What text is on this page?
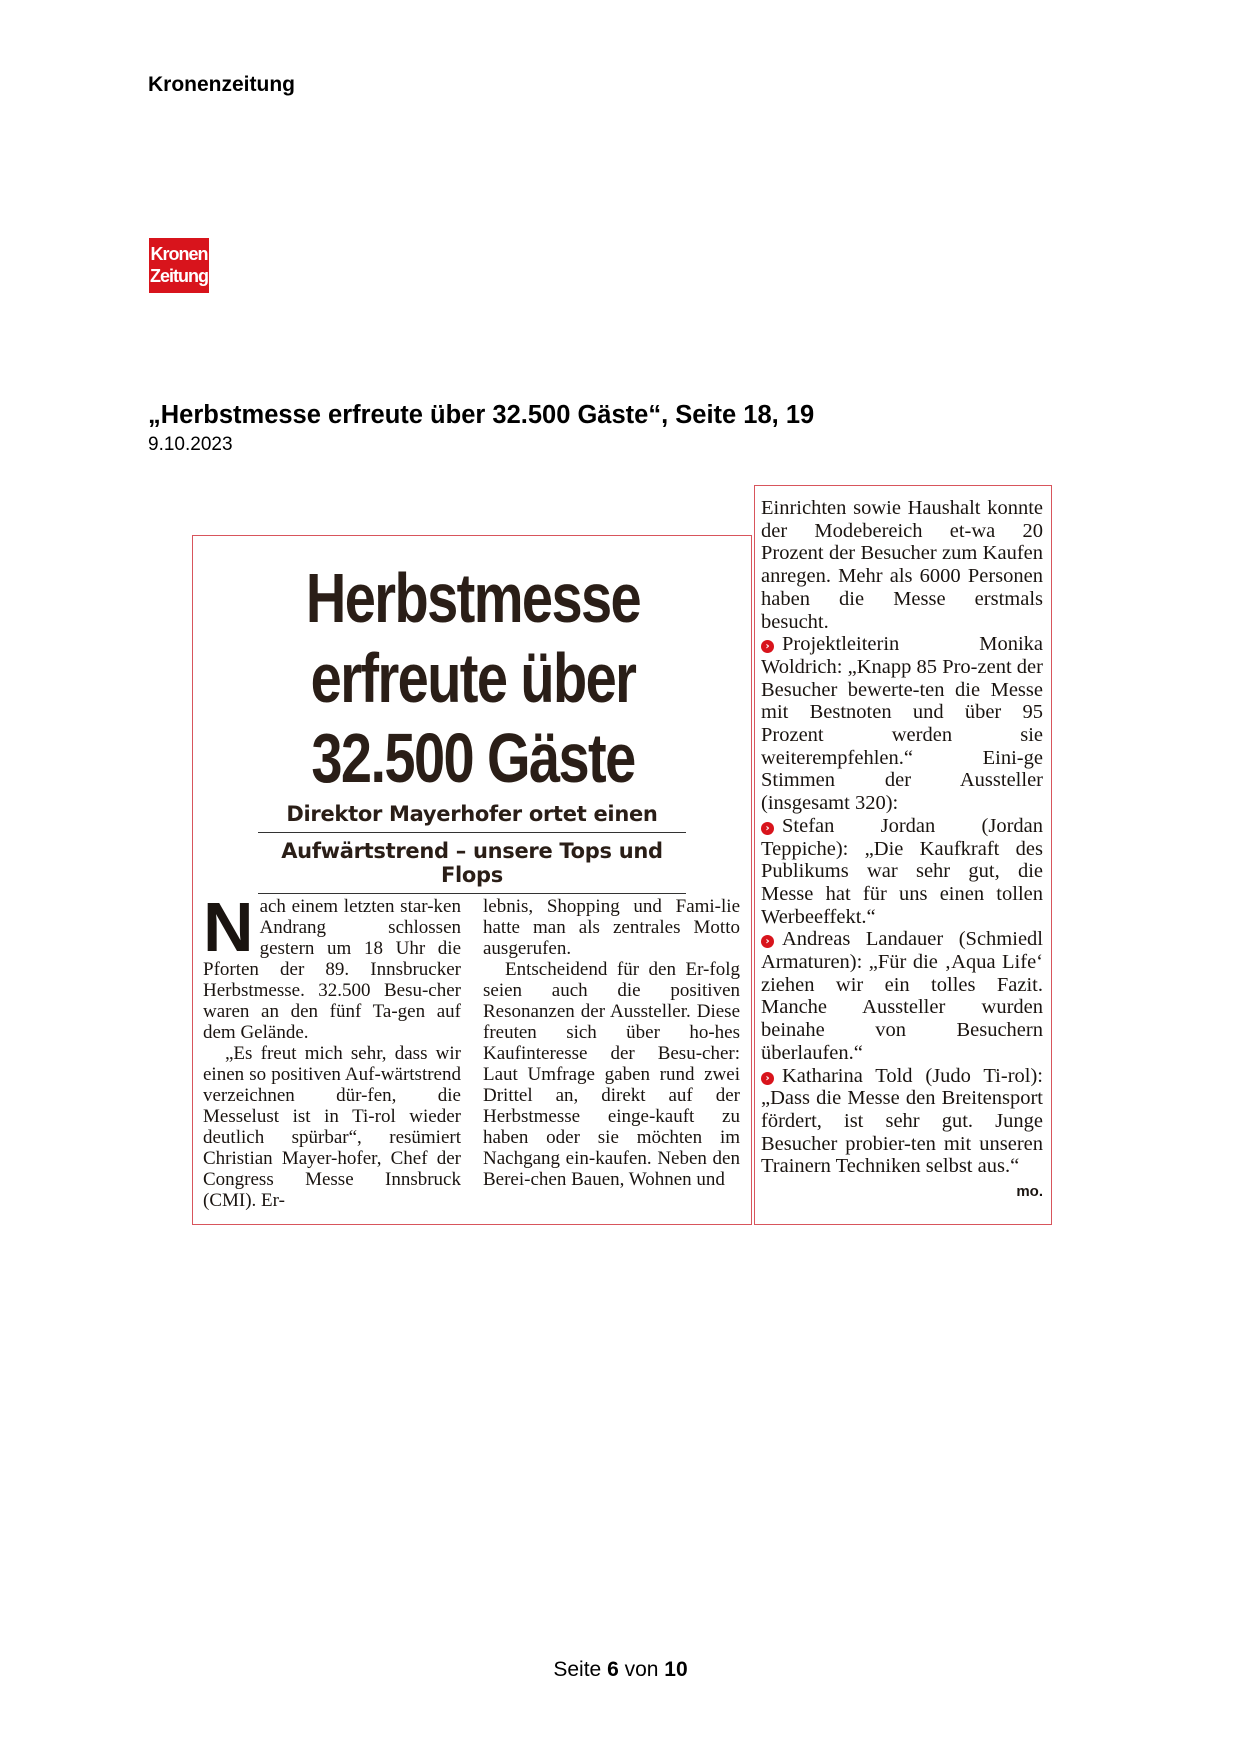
Kronenzeitung
Kronen
Zeitung
„Herbstmesse erfreute über 32.500 Gäste“, Seite 18, 19
9.10.2023
Herbstmesse
erfreute über
32.500 Gäste
Direktor Mayerhofer ortet einen
Aufwärtstrend – unsere Tops und Flops

Nach einem letzten star-ken Andrang schlossen gestern um 18 Uhr die Pforten der 89. Innsbrucker Herbstmesse. 32.500 Besu-cher waren an den fünf Ta-gen auf dem Gelände.

„Es freut mich sehr, dass wir einen so positiven Auf-wärtstrend verzeichnen dür-fen, die Messelust ist in Ti-rol wieder deutlich spürbar“, resümiert Christian Mayer-hofer, Chef der Congress Messe Innsbruck (CMI). Er-

lebnis, Shopping und Fami-lie hatte man als zentrales Motto ausgerufen.

Entscheidend für den Er-folg seien auch die positiven Resonanzen der Aussteller. Diese freuten sich über ho-hes Kaufinteresse der Besu-cher: Laut Umfrage gaben rund zwei Drittel an, direkt auf der Herbstmesse einge-kauft zu haben oder sie möchten im Nachgang ein-kaufen. Neben den Berei-chen Bauen, Wohnen und

Einrichten sowie Haushalt konnte der Modebereich et-wa 20 Prozent der Besucher zum Kaufen anregen. Mehr als 6000 Personen haben die Messe erstmals besucht.

› Projektleiterin Monika Woldrich: „Knapp 85 Pro-zent der Besucher bewerte-ten die Messe mit Bestnoten und über 95 Prozent werden sie weiterempfehlen.“ Eini-ge Stimmen der Aussteller (insgesamt 320):

› Stefan Jordan (Jordan Teppiche): „Die Kaufkraft des Publikums war sehr gut, die Messe hat für uns einen tollen Werbeeffekt.“

› Andreas Landauer (Schmiedl Armaturen): „Für die ‚Aqua Life‘ ziehen wir ein tolles Fazit. Manche Aussteller wurden beinahe von Besuchern überlaufen.“

› Katharina Told (Judo Ti-rol): „Dass die Messe den Breitensport fördert, ist sehr gut. Junge Besucher probier-ten mit unseren Trainern Techniken selbst aus.“
mo.

Seite 6 von 10
